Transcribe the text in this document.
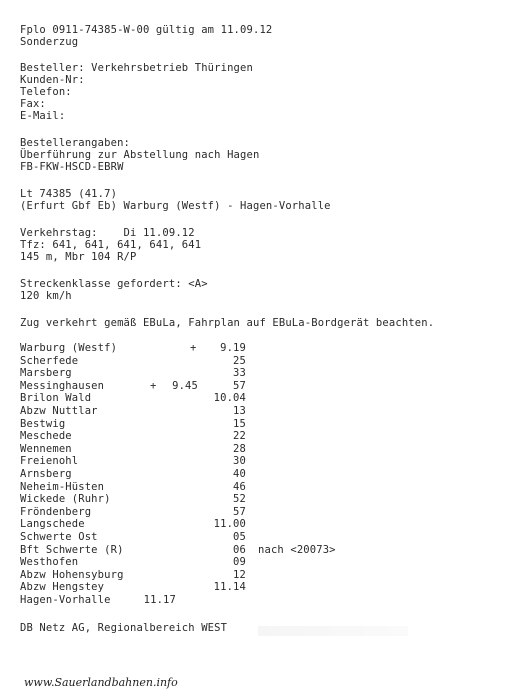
Fplo 0911-74385-W-00 gültig am 11.09.12
Sonderzug
Besteller: Verkehrsbetrieb Thüringen
Kunden-Nr:
Telefon:
Fax:
E-Mail:
Bestellerangaben:
Überführung zur Abstellung nach Hagen
FB-FKW-HSCD-EBRW
Lt 74385 (41.7)
(Erfurt Gbf Eb) Warburg (Westf) - Hagen-Vorhalle
Verkehrstag:    Di 11.09.12
Tfz: 641, 641, 641, 641, 641
145 m, Mbr 104 R/P
Streckenklasse gefordert: <A>
120 km/h
Zug verkehrt gemäß EBuLa, Fahrplan auf EBuLa-Bordgerät beachten.
Warburg (Westf)	+	9.19
Scherfede	25
Marsberg	33
Messinghausen	+	9.45	57
Brilon Wald	10.04
Abzw Nuttlar	13
Bestwig	15
Meschede	22
Wennemen	28
Freienohl	30
Arnsberg	40
Neheim-Hüsten	46
Wickede (Ruhr)	52
Fröndenberg	57
Langschede	11.00
Schwerte Ost	05
Bft Schwerte (R)	06 nach <20073>
Westhofen	09
Abzw Hohensyburg	12
Abzw Hengstey	11.14
Hagen-Vorhalle	11.17
DB Netz AG, Regionalbereich WEST
www.Sauerlandbahnen.info
